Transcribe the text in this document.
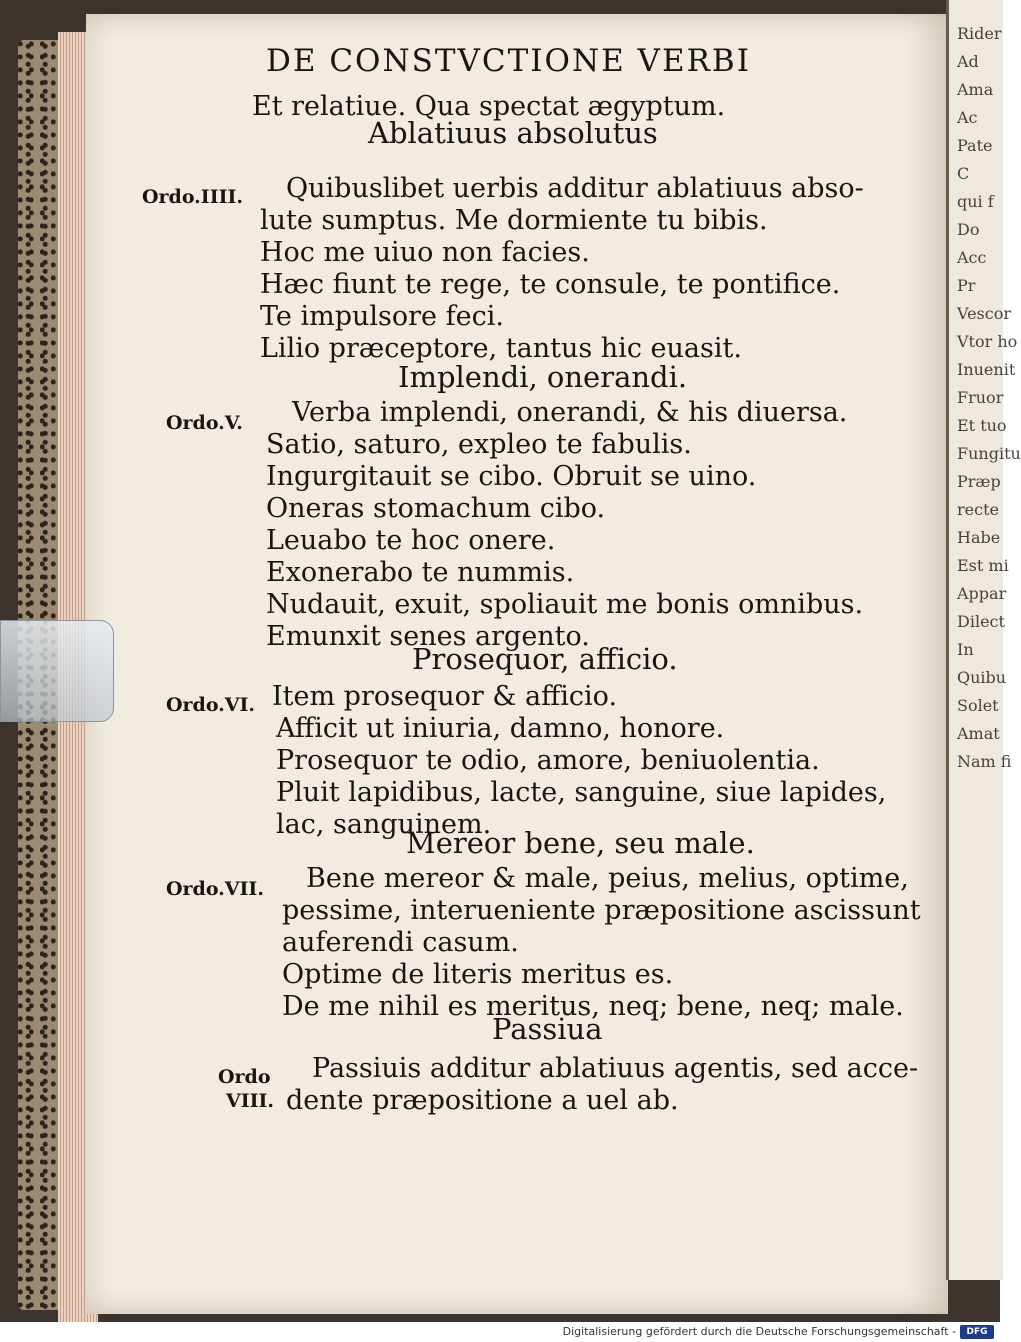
Rider
Ad
Ama
Ac
Pate
C
qui f
Do
Acc
Pr
Vescor
Vtor ho
Inuenit
Fruor
Et tuo
Fungitu
Præp
recte
Habe
Est mi
Appar
Dilect
In
Quibu
Solet
Amat
Nam fi
DE CONSTVCTIONE VERBI
Et relatiue. Qua spectat ægyptum.
Ablatiuus absolutus
Ordo.IIII. Quibuslibet uerbis additur ablatiuus abso-
lute sumptus. Me dormiente tu bibis.
Hoc me uiuo non facies.
Hæc fiunt te rege, te consule, te pontifice.
Te impulsore feci.
Lilio præceptore, tantus hic euasit.
Implendi, onerandi.
Ordo.V. Verba implendi, onerandi, & his diuersa.
Satio, saturo, expleo te fabulis.
Ingurgitauit se cibo. Obruit se uino.
Oneras stomachum cibo.
Leuabo te hoc onere.
Exonerabo te nummis.
Nudauit, exuit, spoliauit me bonis omnibus.
Emunxit senes argento.
Prosequor, afficio.
Ordo.VI. Item prosequor & afficio.
Afficit ut iniuria, damno, honore.
Prosequor te odio, amore, beniuolentia.
Pluit lapidibus, lacte, sanguine, siue lapides,
lac, sanguinem.
Mereor bene, seu male.
Ordo.VII. Bene mereor & male, peius, melius, optime,
pessime, interueniente præpositione ascissunt
auferendi casum.
Optime de literis meritus es.
De me nihil es meritus, neq; bene, neq; male.
Passiua
Ordo
VIII.
Passiuis additur ablatiuus agentis, sed acce-
dente præpositione a uel ab.
Digitalisierung gefördert durch die Deutsche Forschungsgemeinschaft -	DFG
